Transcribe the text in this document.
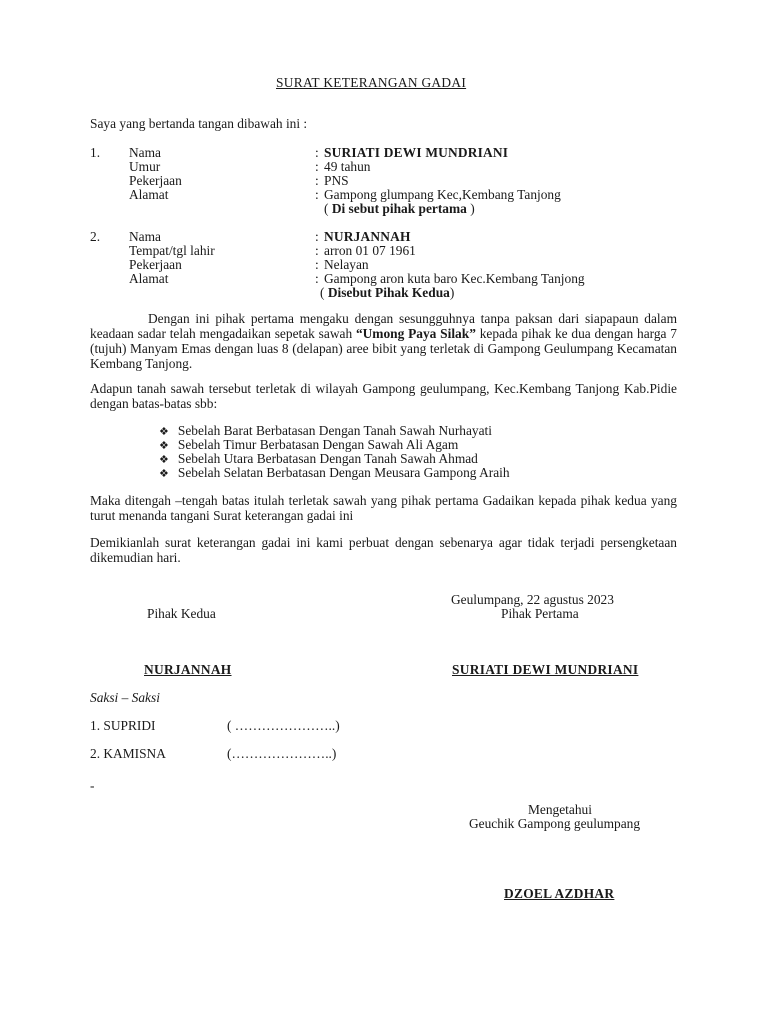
SURAT KETERANGAN GADAI
Saya yang bertanda tangan dibawah ini :
1. Nama	: SURIATI DEWI MUNDRIANI
Umur	: 49 tahun
Pekerjaan	: PNS
Alamat	: Gampong glumpang Kec,Kembang Tanjong
( Di sebut pihak pertama )
2. Nama	: NURJANNAH
Tempat/tgl lahir	: arron 01 07 1961
Pekerjaan	: Nelayan
Alamat	: Gampong aron kuta baro Kec.Kembang Tanjong
( Disebut Pihak Kedua)
Dengan ini pihak pertama mengaku dengan sesungguhnya tanpa paksan dari siapapaun dalam keadaan sadar telah mengadaikan sepetak sawah “Umong Paya Silak” kepada pihak ke dua dengan harga 7 (tujuh) Manyam Emas dengan luas 8 (delapan) aree bibit yang terletak di Gampong Geulumpang Kecamatan Kembang Tanjong.
Adapun tanah sawah tersebut terletak di wilayah Gampong geulumpang, Kec.Kembang Tanjong Kab.Pidie dengan batas-batas sbb:
❖ Sebelah Barat Berbatasan Dengan Tanah Sawah Nurhayati
❖ Sebelah Timur Berbatasan Dengan Sawah Ali Agam
❖ Sebelah Utara Berbatasan Dengan Tanah Sawah Ahmad
❖ Sebelah Selatan Berbatasan Dengan Meusara Gampong Araih
Maka ditengah –tengah batas itulah terletak sawah yang pihak pertama Gadaikan kepada pihak kedua yang turut menanda tangani Surat keterangan gadai ini
Demikianlah surat keterangan gadai ini kami perbuat dengan sebenarya agar tidak terjadi persengketaan dikemudian hari.
Geulumpang, 22 agustus 2023
Pihak Kedua	Pihak Pertama
NURJANNAH	SURIATI DEWI MUNDRIANI
Saksi – Saksi
1. SUPRIDI	( …………………..)
2. KAMISNA	(…………………..)
-
Mengetahui
Geuchik Gampong geulumpang
DZOEL AZDHAR
